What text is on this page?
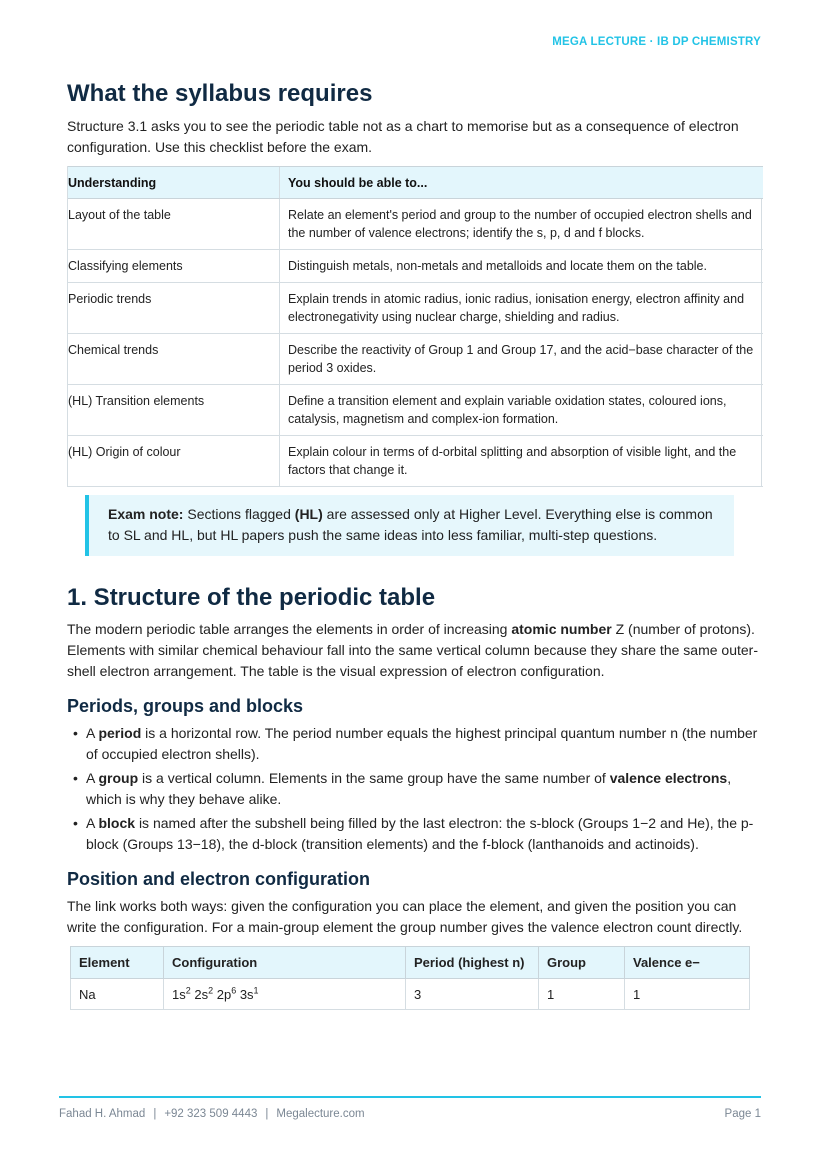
MEGA LECTURE · IB DP CHEMISTRY
What the syllabus requires

Structure 3.1 asks you to see the periodic table not as a chart to memorise but as a consequence of electron configuration. Use this checklist before the exam.

Understanding	You should be able to...
Layout of the table	Relate an element's period and group to the number of occupied electron shells and the number of valence electrons; identify the s, p, d and f blocks.
Classifying elements	Distinguish metals, non-metals and metalloids and locate them on the table.
Periodic trends	Explain trends in atomic radius, ionic radius, ionisation energy, electron affinity and electronegativity using nuclear charge, shielding and radius.
Chemical trends	Describe the reactivity of Group 1 and Group 17, and the acid−base character of the period 3 oxides.
(HL) Transition elements	Define a transition element and explain variable oxidation states, coloured ions, catalysis, magnetism and complex-ion formation.
(HL) Origin of colour	Explain colour in terms of d-orbital splitting and absorption of visible light, and the factors that change it.
Exam note: Sections flagged (HL) are assessed only at Higher Level. Everything else is common to SL and HL, but HL papers push the same ideas into less familiar, multi-step questions.
1. Structure of the periodic table

The modern periodic table arranges the elements in order of increasing atomic number Z (number of protons). Elements with similar chemical behaviour fall into the same vertical column because they share the same outer-shell electron arrangement. The table is the visual expression of electron configuration.

Periods, groups and blocks
• A period is a horizontal row. The period number equals the highest principal quantum number n (the number of occupied electron shells).
• A group is a vertical column. Elements in the same group have the same number of valence electrons, which is why they behave alike.
• A block is named after the subshell being filled by the last electron: the s-block (Groups 1−2 and He), the p-block (Groups 13−18), the d-block (transition elements) and the f-block (lanthanoids and actinoids).
Position and electron configuration

The link works both ways: given the configuration you can place the element, and given the position you can write the configuration. For a main-group element the group number gives the valence electron count directly.

Element	Configuration	Period (highest n)	Group	Valence e−
Na	$1s^2$ $2s^2$ $2p^6$ $3s^1$	3	1	1
Fahad H. Ahmad | +92 323 509 4443 | Megalecture.com	Page 1
